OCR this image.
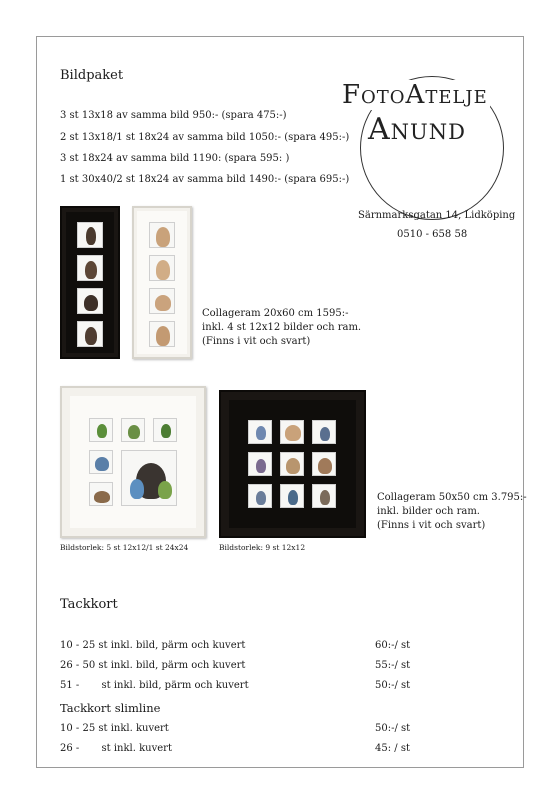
Bildpaket
3 st 13x18 av samma bild 950:- (spara 475:-)
2 st 13x18/1 st 18x24 av samma bild 1050:- (spara 495:-)
3 st 18x24 av samma bild 1190: (spara 595: )
1 st 30x40/2 st 18x24 av samma bild 1490:- (spara 695:-)
FotoAtelje
Anund
Särnmarksgatan 14, Lidköping
0510 - 658 58
Collageram 20x60 cm 1595:-
inkl. 4 st 12x12 bilder och ram.
(Finns i vit och svart)
Bildstorlek: 5 st 12x12/1 st 24x24	Bildstorlek: 9 st 12x12
Collageram 50x50 cm 3.795:-
inkl. bilder och ram.
(Finns i vit och svart)
Tackkort
10 - 25 st inkl. bild, pärm och kuvert	60:-/ st
26 - 50 st inkl. bild, pärm och kuvert	55:-/ st
51 -       st inkl. bild, pärm och kuvert	50:-/ st
Tackkort slimline
10 - 25 st inkl. kuvert	50:-/ st
26 -       st inkl. kuvert	45: / st
